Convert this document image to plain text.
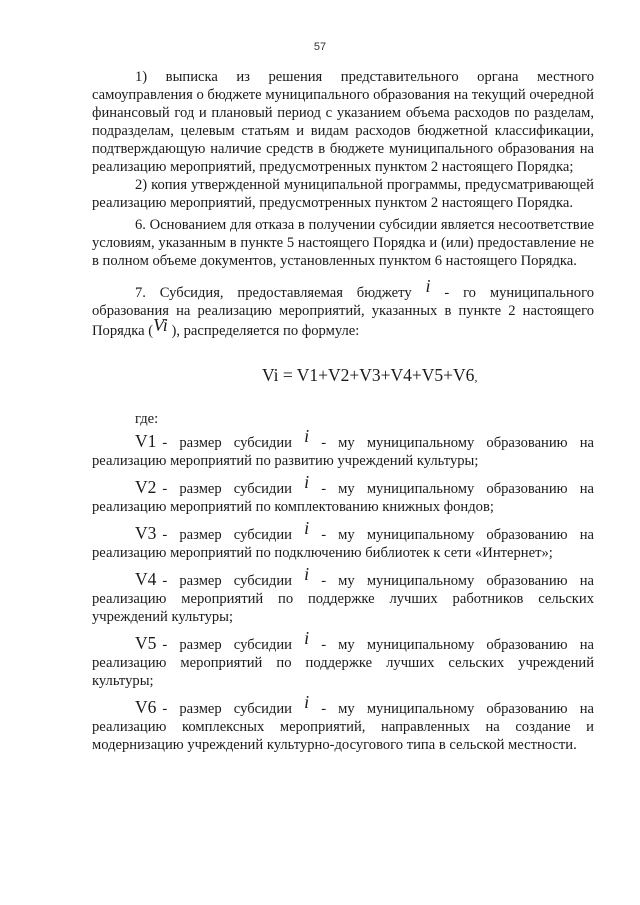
57

1) выписка из решения представительного органа местного самоуправления о бюджете муниципального образования на текущий очередной финансовый год и плановый период с указанием объема расходов по разделам, подразделам, целевым статьям и видам расходов бюджетной классификации, подтверждающую наличие средств в бюджете муниципального образования на реализацию мероприятий, предусмотренных пунктом 2 настоящего Порядка;

2) копия утвержденной муниципальной программы, предусматривающей реализацию мероприятий, предусмотренных пунктом 2 настоящего Порядка.

6. Основанием для отказа в получении субсидии является несоответствие условиям, указанным в пункте 5 настоящего Порядка и (или) предоставление не в полном объеме документов, установленных пунктом 6 настоящего Порядка.

7. Субсидия, предоставляемая бюджету i - го муниципального образования на реализацию мероприятий, указанных в пункте 2 настоящего Порядка (Vi ), распределяется по формуле:

Vi = V1+V2+V3+V4+V5+V6,
где:

V1 - размер субсидии i - му муниципальному образованию на реализацию мероприятий по развитию учреждений культуры;

V2 - размер субсидии i - му муниципальному образованию на реализацию мероприятий по комплектованию книжных фондов;

V3 - размер субсидии i - му муниципальному образованию на реализацию мероприятий по подключению библиотек к сети «Интернет»;

V4 - размер субсидии i - му муниципальному образованию на реализацию мероприятий по поддержке лучших работников сельских учреждений культуры;

V5 - размер субсидии i - му муниципальному образованию на реализацию мероприятий по поддержке лучших сельских учреждений культуры;

V6 - размер субсидии i - му муниципальному образованию на реализацию комплексных мероприятий, направленных на создание и модернизацию учреждений культурно-досугового типа в сельской местности.
